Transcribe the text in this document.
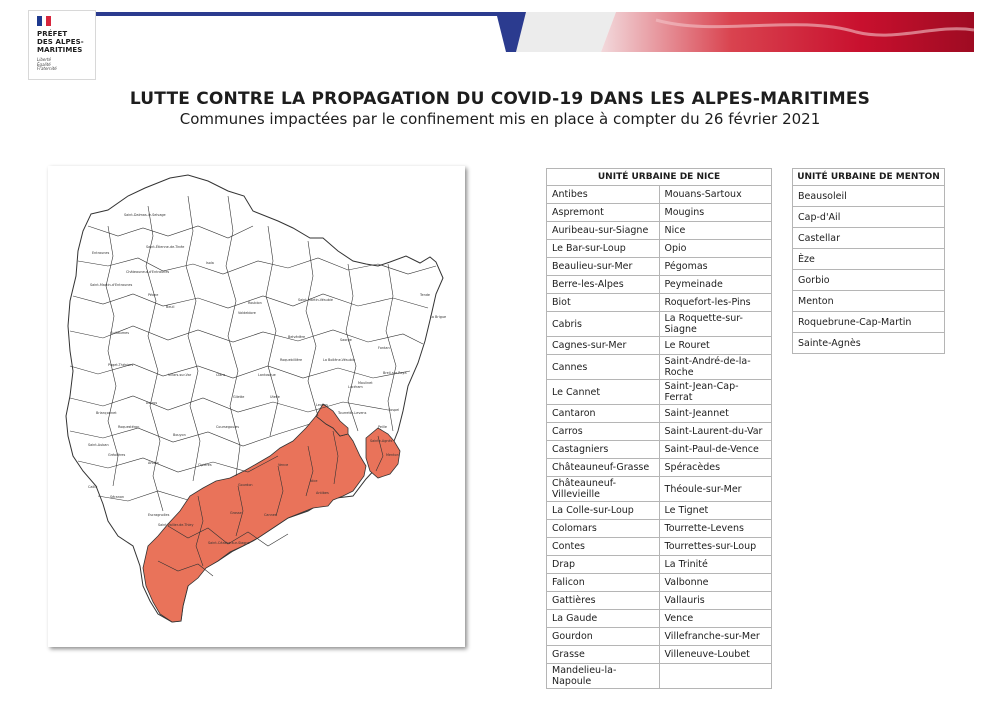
PRÉFET
DES ALPES-
MARITIMES
Liberté
Égalité
Fraternité
LUTTE CONTRE LA PROPAGATION DU COVID-19 DANS LES ALPES-MARITIMES
Communes impactées par le confinement mis en place à compter du 26 février 2021
Saint-Dalmas-le-Selvage
Saint-Étienne-de-Tinée
Isola
Entraunes
Châteauneuf-d'Entraunes
Saint-Martin-d'Entraunes
Péone
Beuil
Roubion
Valdeblore
Saint-Martin-Vésubie
Tende
La Brigue
Fontan
Saorge
Breil-sur-Roya
Sospel
Moulinet
La Bollène-Vésubie
Belvédère
Roquebillière
Utelle
Levens
Tourrette-Levens
Lucéram
Peille
Guillaumes
Puget-Théniers
Villars-sur-Var
Ascros
Roquestéron
Bouyon
Coursegoules
Gréolières
Andon
Caille
Séranon
Escragnolles
Saint-Vallier-de-Thiey
Saint-Cézaire-sur-Siagne
Grasse
Vence
Nice
Cannes
Antibes
Menton
Sainte-Agnès
Gourdon
Cipières
Saint-Auban
Briançonnet
Lantosque
Gilette
Clans
UNITÉ URBAINE DE NICE	
Antibes	Mouans-Sartoux
Aspremont	Mougins
Auribeau-sur-Siagne	Nice
Le Bar-sur-Loup	Opio
Beaulieu-sur-Mer	Pégomas
Berre-les-Alpes	Peymeinade
Biot	Roquefort-les-Pins
Cabris	La Roquette-sur-Siagne
Cagnes-sur-Mer	Le Rouret
Cannes	Saint-André-de-la-Roche
Le Cannet	Saint-Jean-Cap-Ferrat
Cantaron	Saint-Jeannet
Carros	Saint-Laurent-du-Var
Castagniers	Saint-Paul-de-Vence
Châteauneuf-Grasse	Spéracèdes
Châteauneuf-Villevieille	Théoule-sur-Mer
La Colle-sur-Loup	Le Tignet
Colomars	Tourrette-Levens
Contes	Tourrettes-sur-Loup
Drap	La Trinité
Falicon	Valbonne
Gattières	Vallauris
La Gaude	Vence
Gourdon	Villefranche-sur-Mer
Grasse	Villeneuve-Loubet
Mandelieu-la-Napoule	
UNITÉ URBAINE DE MENTON
Beausoleil
Cap-d'Ail
Castellar
Èze
Gorbio
Menton
Roquebrune-Cap-Martin
Sainte-Agnès
